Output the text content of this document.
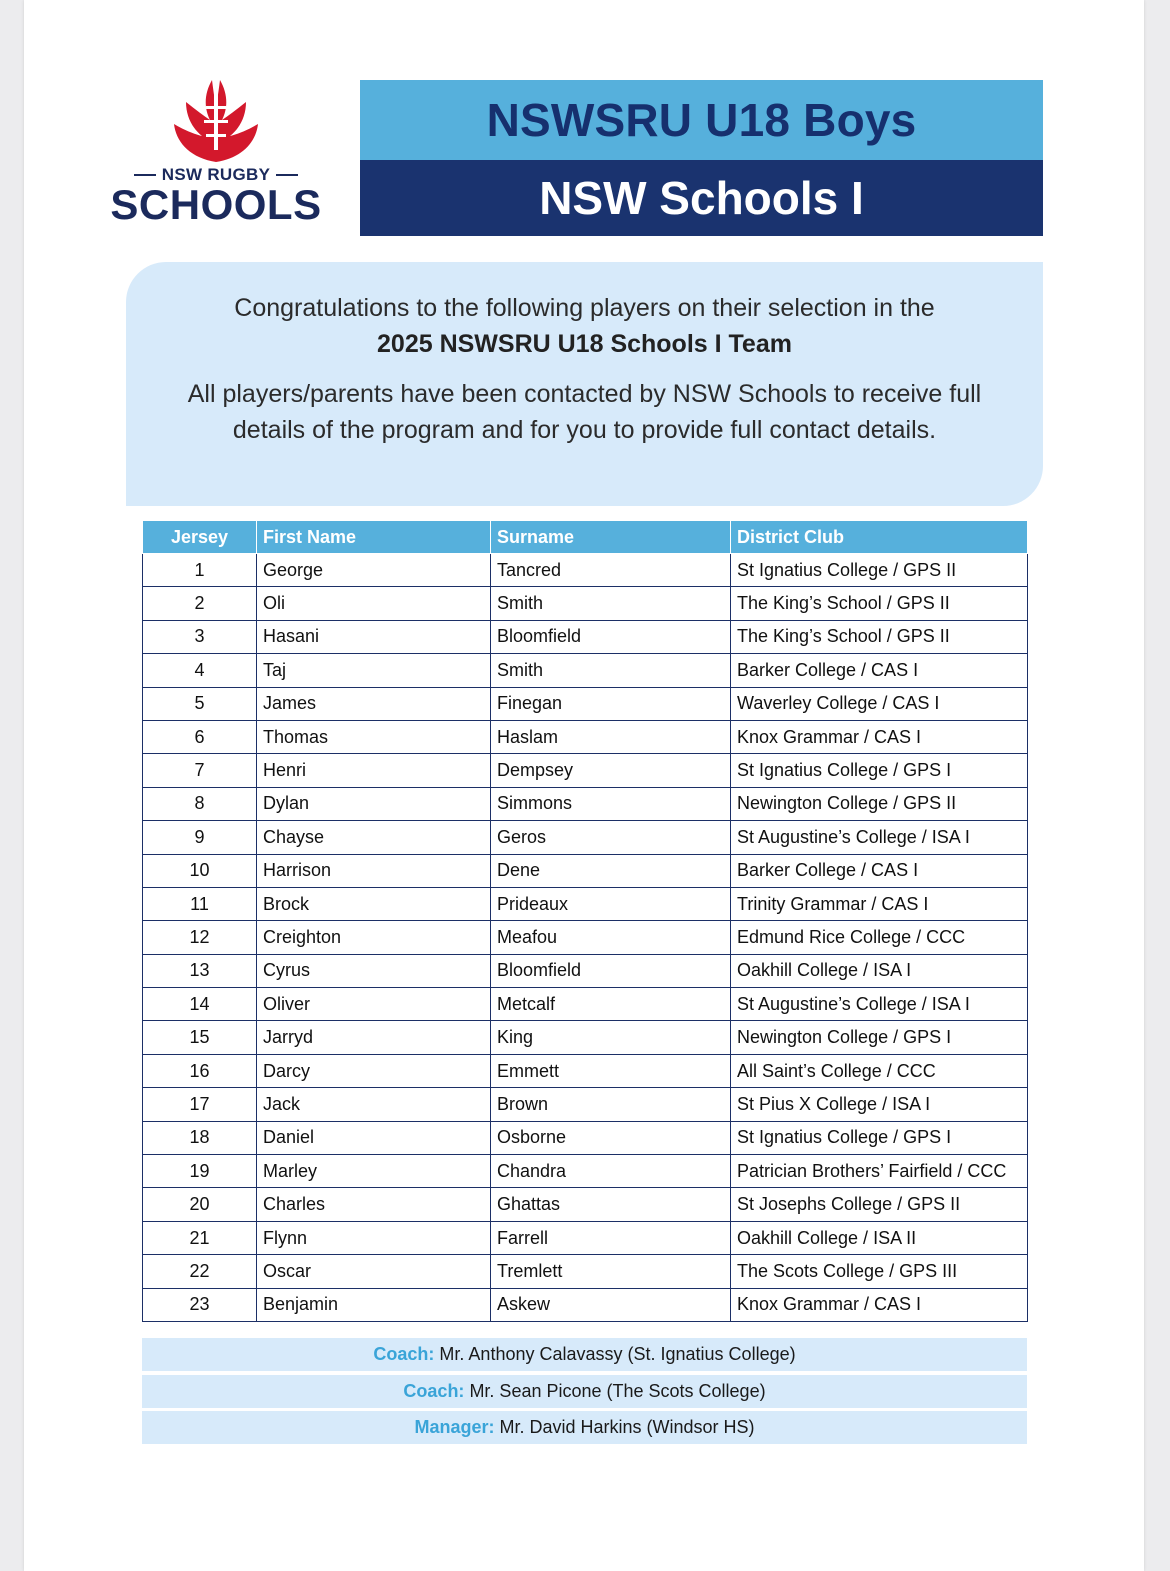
NSW RUGBY
SCHOOLS
NSWSRU U18 Boys
NSW Schools I

Congratulations to the following players on their selection in the

2025 NSWSRU U18 Schools I Team

All players/parents have been contacted by NSW Schools to receive full

details of the program and for you to provide full contact details.

Jersey	First Name	Surname	District Club
1	George	Tancred	St Ignatius College / GPS II
2	Oli	Smith	The King’s School / GPS II
3	Hasani	Bloomfield	The King’s School / GPS II
4	Taj	Smith	Barker College / CAS I
5	James	Finegan	Waverley College / CAS I
6	Thomas	Haslam	Knox Grammar / CAS I
7	Henri	Dempsey	St Ignatius College / GPS I
8	Dylan	Simmons	Newington College / GPS II
9	Chayse	Geros	St Augustine’s College / ISA I
10	Harrison	Dene	Barker College / CAS I
11	Brock	Prideaux	Trinity Grammar / CAS I
12	Creighton	Meafou	Edmund Rice College / CCC
13	Cyrus	Bloomfield	Oakhill College / ISA I
14	Oliver	Metcalf	St Augustine’s College / ISA I
15	Jarryd	King	Newington College / GPS I
16	Darcy	Emmett	All Saint’s College / CCC
17	Jack	Brown	St Pius X College / ISA I
18	Daniel	Osborne	St Ignatius College / GPS I
19	Marley	Chandra	Patrician Brothers’ Fairfield / CCC
20	Charles	Ghattas	St Josephs College / GPS II
21	Flynn	Farrell	Oakhill College / ISA II
22	Oscar	Tremlett	The Scots College / GPS III
23	Benjamin	Askew	Knox Grammar / CAS I
Coach: Mr. Anthony Calavassy (St. Ignatius College)
Coach: Mr. Sean Picone (The Scots College)
Manager: Mr. David Harkins (Windsor HS)
